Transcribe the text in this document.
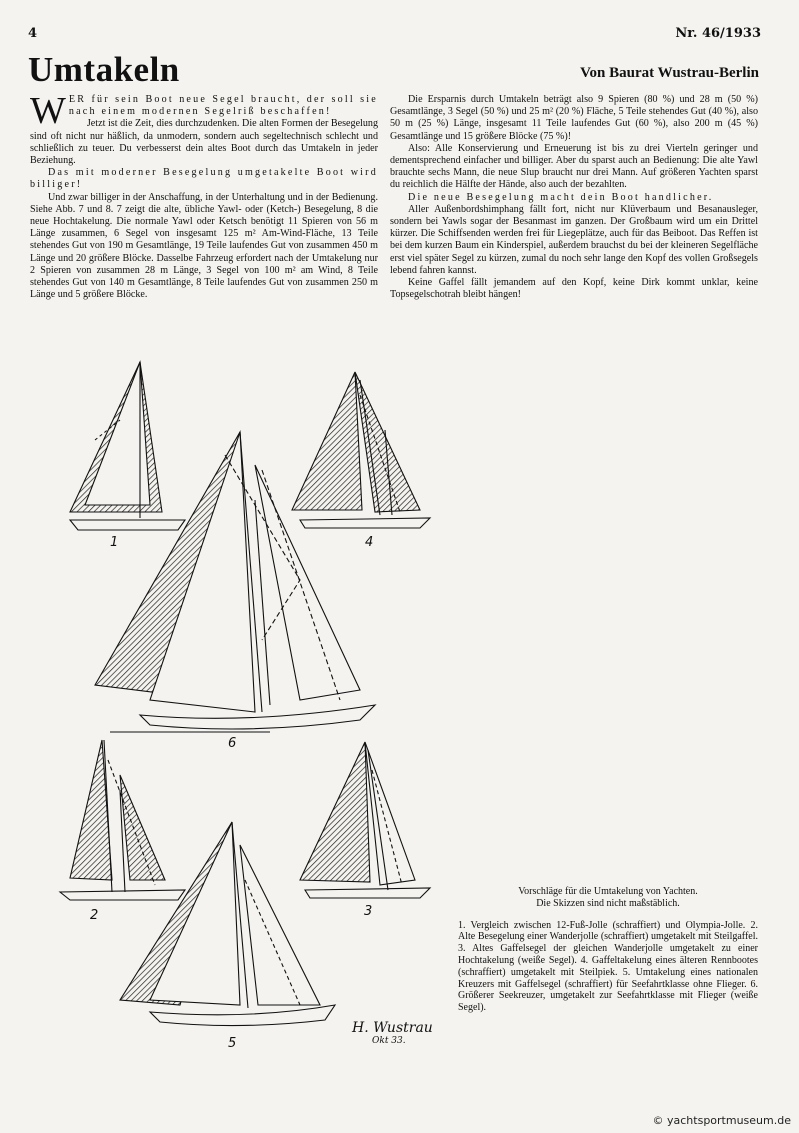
4	Nr. 46/1933
Umtakeln	Von Baurat Wustrau-Berlin

WER für sein Boot neue Segel braucht, der soll sie nach einem modernen Segelriß beschaffen!

Jetzt ist die Zeit, dies durchzudenken. Die alten Formen der Besegelung sind oft nicht nur häßlich, da unmodern, sondern auch segeltechnisch schlecht und schließlich zu teuer. Du verbesserst dein altes Boot durch das Umtakeln in jeder Beziehung.

Das mit moderner Besegelung umgetakelte Boot wird billiger!

Und zwar billiger in der Anschaffung, in der Unterhaltung und in der Bedienung. Siehe Abb. 7 und 8. 7 zeigt die alte, übliche Yawl- oder (Ketch-) Besegelung, 8 die neue Hochtakelung. Die normale Yawl oder Ketsch benötigt 11 Spieren von 56 m Länge zusammen, 6 Segel von insgesamt 125 m² Am-Wind-Fläche, 13 Teile stehendes Gut von 190 m Gesamtlänge, 19 Teile laufendes Gut von zusammen 450 m Länge und 20 größere Blöcke. Dasselbe Fahrzeug erfordert nach der Umtakelung nur 2 Spieren von zusammen 28 m Länge, 3 Segel von 100 m² am Wind, 8 Teile stehendes Gut von 140 m Gesamtlänge, 8 Teile laufendes Gut von zusammen 250 m Länge und 5 größere Blöcke.

Die Ersparnis durch Umtakeln beträgt also 9 Spieren (80 %) und 28 m (50 %) Gesamtlänge, 3 Segel (50 %) und 25 m² (20 %) Fläche, 5 Teile stehendes Gut (40 %), also 50 m (25 %) Länge, insgesamt 11 Teile laufendes Gut (60 %), also 200 m (45 %) Gesamtlänge und 15 größere Blöcke (75 %)!

Also: Alle Konservierung und Erneuerung ist bis zu drei Vierteln geringer und dementsprechend einfacher und billiger. Aber du sparst auch an Bedienung: Die alte Yawl brauchte sechs Mann, die neue Slup braucht nur drei Mann. Auf größeren Yachten sparst du reichlich die Hälfte der Hände, also auch der bezahlten.

Die neue Besegelung macht dein Boot handlicher.

Aller Außenbordshimphang fällt fort, nicht nur Klüverbaum und Besanausleger, sondern bei Yawls sogar der Besanmast im ganzen. Der Großbaum wird um ein Drittel kürzer. Die Schiffsenden werden frei für Liegeplätze, auch für das Beiboot. Das Reffen ist bei dem kurzen Baum ein Kinderspiel, außerdem brauchst du bei der kleineren Segelfläche erst viel später Segel zu kürzen, zumal du noch sehr lange den Kopf des vollen Großsegels lebend fahren kannst.

Keine Gaffel fällt jemandem auf den Kopf, keine Dirk kommt unklar, keine Topsegelschotrah bleibt hängen!

1	4
6
2	3
5
H. Wustrau
Okt 33.

Vorschläge für die Umtakelung von Yachten.

Die Skizzen sind nicht maßstäblich.

1. Vergleich zwischen 12-Fuß-Jolle (schraffiert) und Olympia-Jolle. 2. Alte Besegelung einer Wanderjolle (schraffiert) umgetakelt mit Steilgaffel. 3. Altes Gaffelsegel der gleichen Wanderjolle umgetakelt zu einer Hochtakelung (weiße Segel). 4. Gaffeltakelung eines älteren Rennbootes (schraffiert) umgetakelt mit Steilpiek. 5. Umtakelung eines nationalen Kreuzers mit Gaffelsegel (schraffiert) für Seefahrtklasse ohne Flieger. 6. Größerer Seekreuzer, umgetakelt zur Seefahrtklasse mit Flieger (weiße Segel).

© yachtsportmuseum.de
